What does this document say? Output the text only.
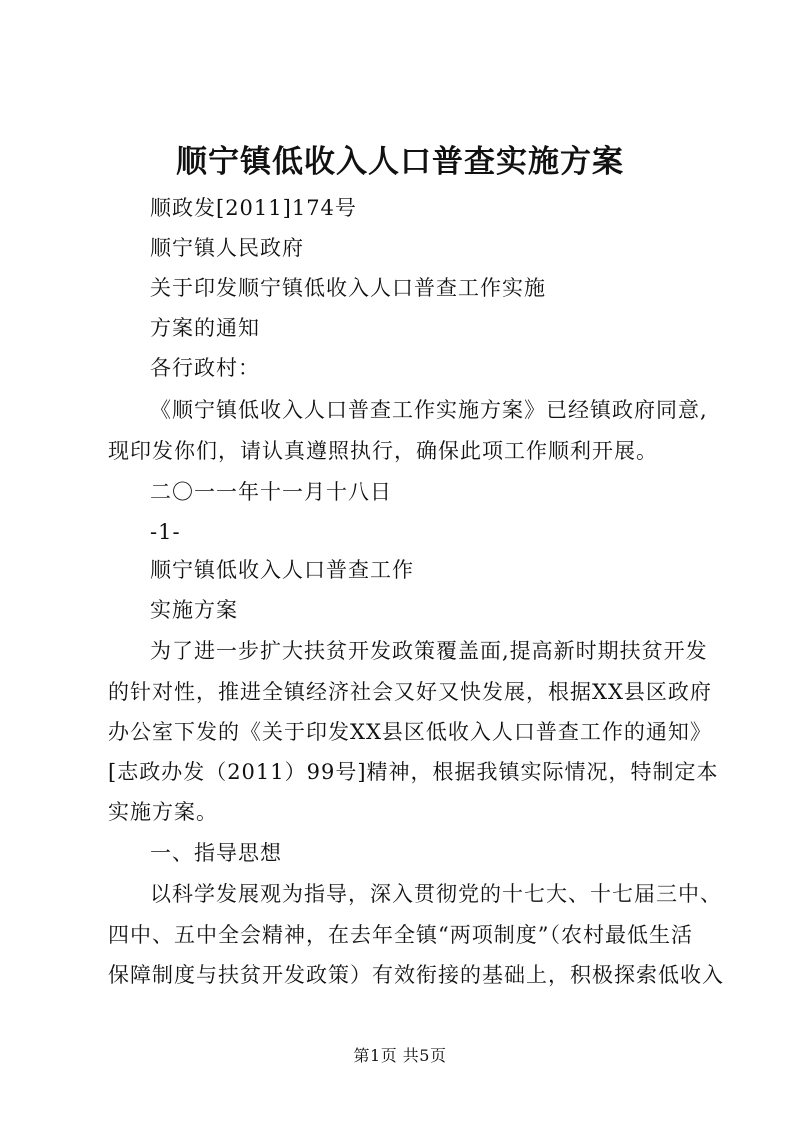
顺宁镇低收入人口普查实施方案
顺政发[2011]174号
顺宁镇人民政府
关于印发顺宁镇低收入人口普查工作实施
方案的通知
各行政村：
《顺宁镇低收入人口普查工作实施方案》已经镇政府同意,
现印发你们，请认真遵照执行，确保此项工作顺利开展。
二〇一一年十一月十八日
-1-
顺宁镇低收入人口普查工作
实施方案
为了进一步扩大扶贫开发政策覆盖面,提高新时期扶贫开发
的针对性，推进全镇经济社会又好又快发展，根据XX县区政府
办公室下发的《关于印发XX县区低收入人口普查工作的通知》
[志政办发（2011）99号]精神，根据我镇实际情况，特制定本
实施方案。
一、指导思想
以科学发展观为指导，深入贯彻党的十七大、十七届三中、
四中、五中全会精神，在去年全镇“两项制度”（农村最低生活
保障制度与扶贫开发政策）有效衔接的基础上，积极探索低收入
第1页 共5页
